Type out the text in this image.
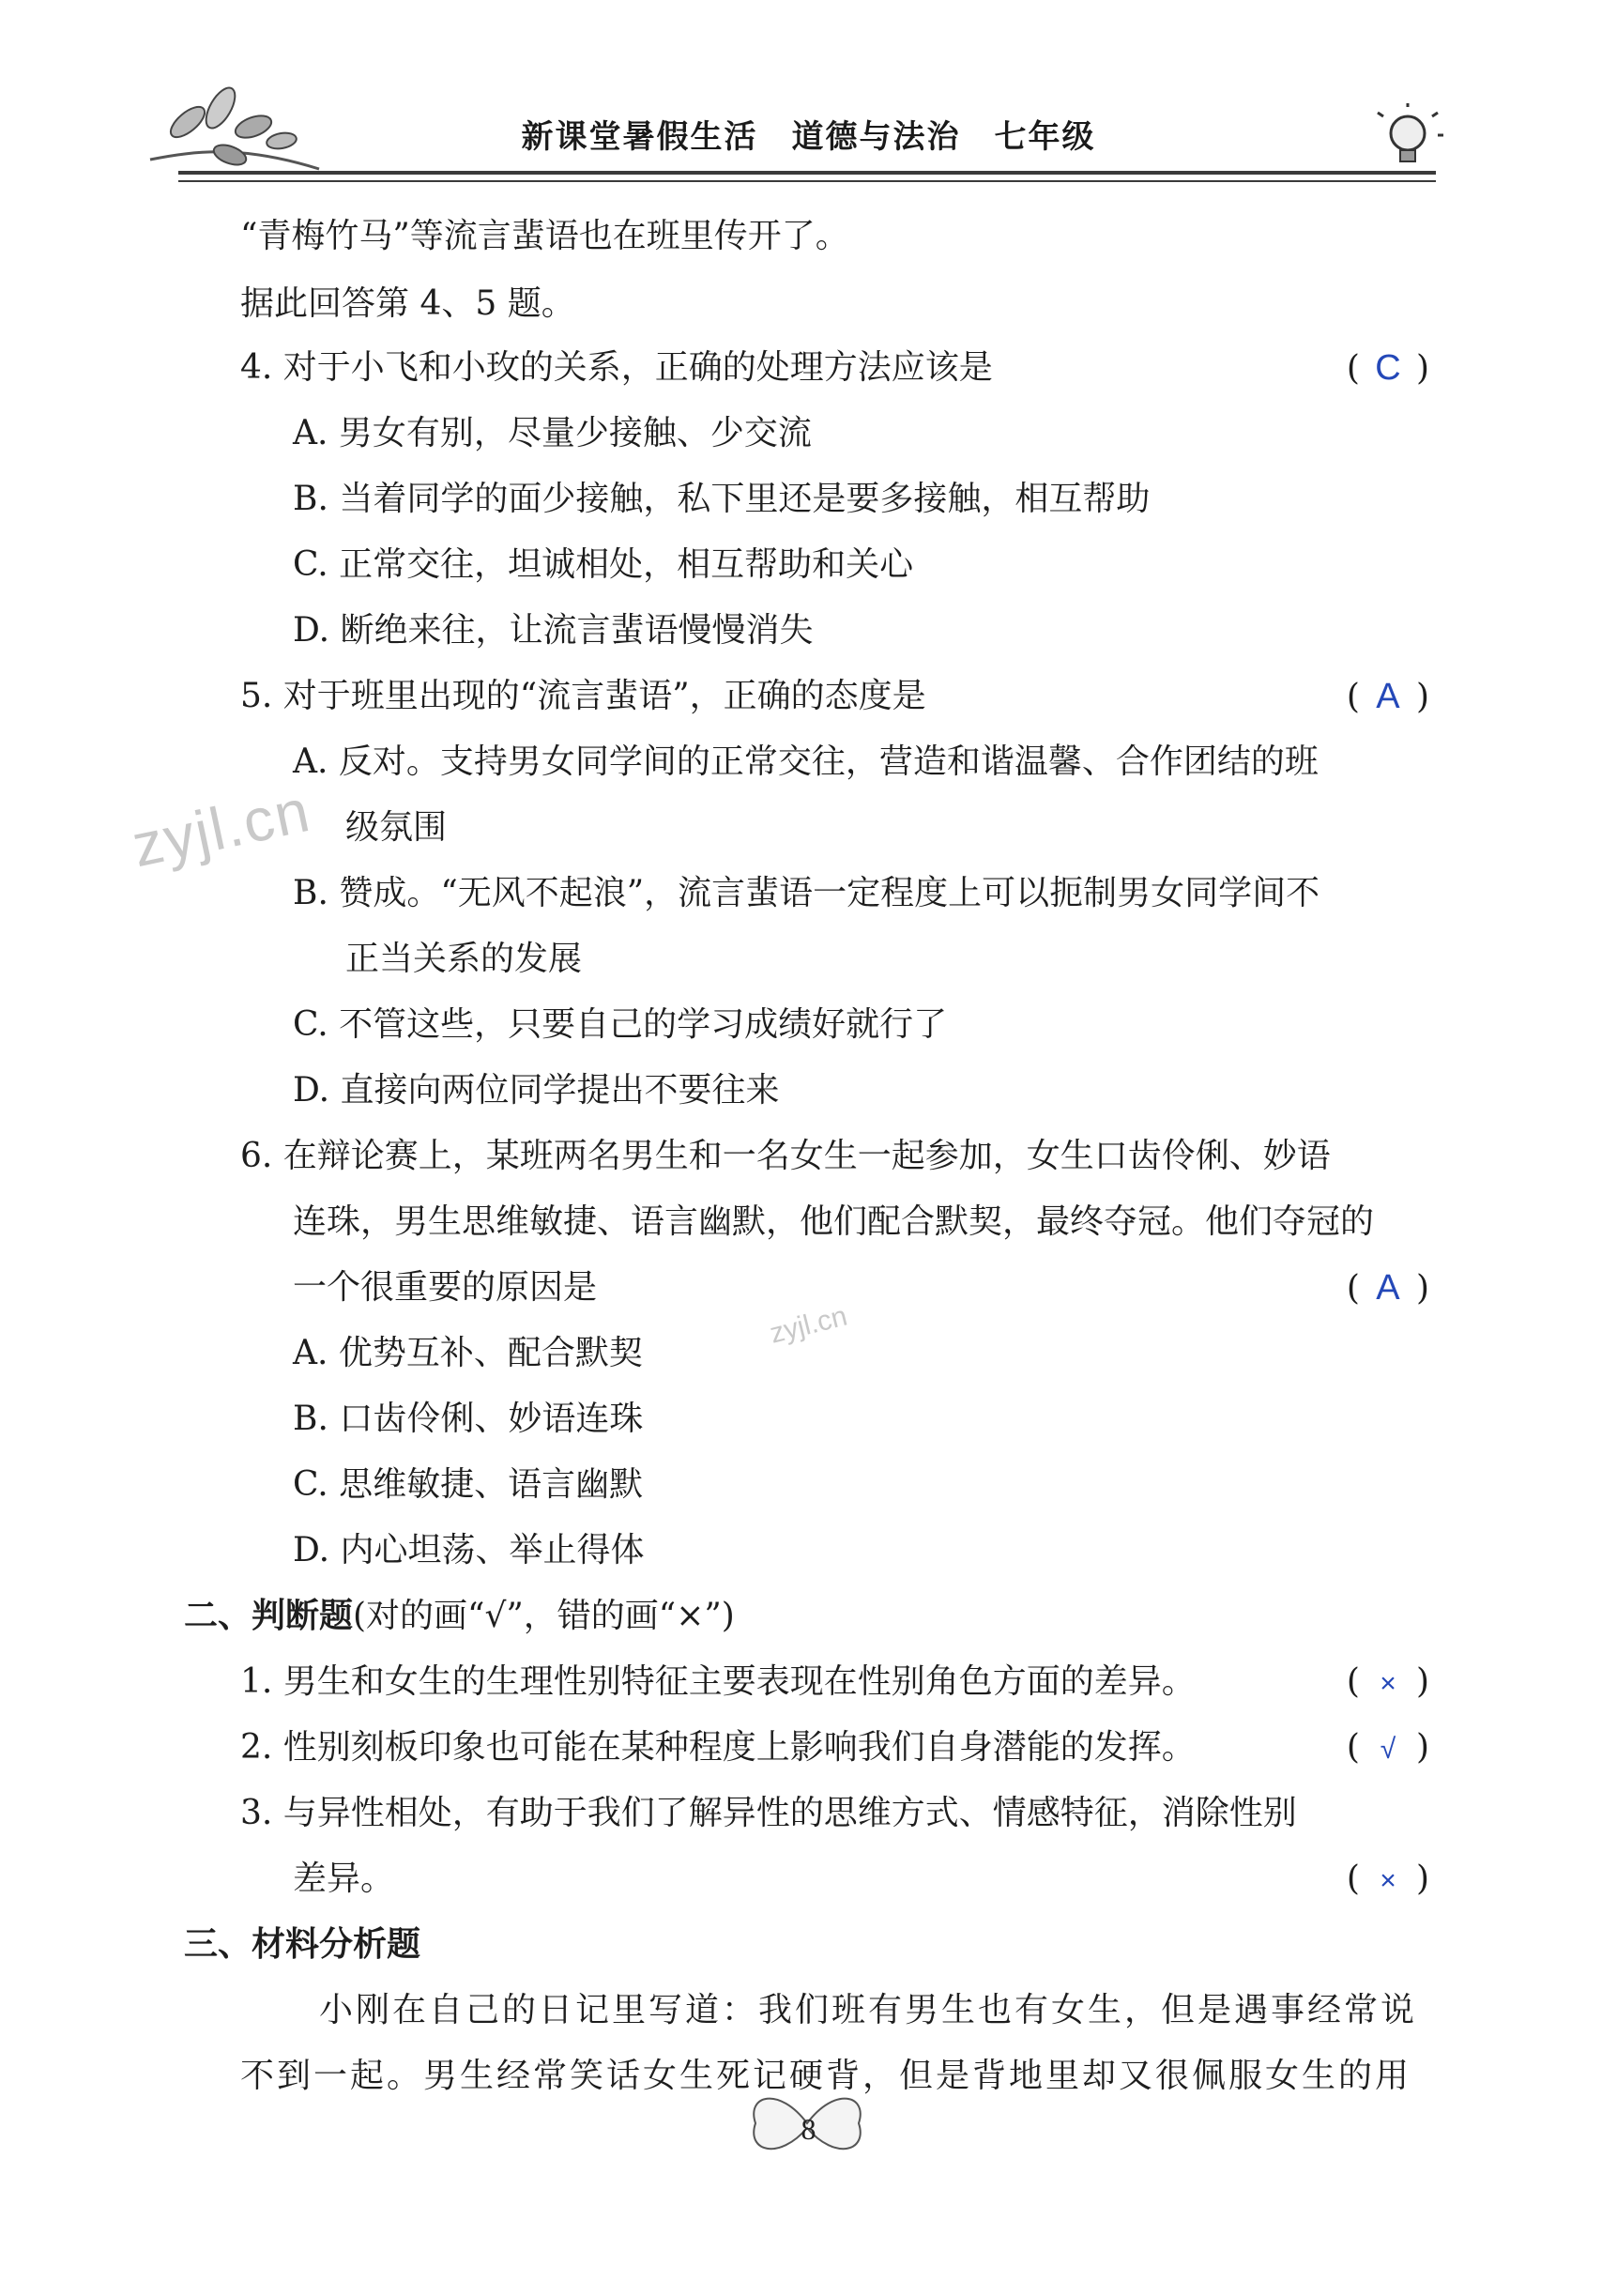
新课堂暑假生活　道德与法治　七年级
“青梅竹马”等流言蜚语也在班里传开了。
据此回答第 4、5 题。
4. 对于小飞和小玫的关系，正确的处理方法应该是	( C )
A. 男女有别，尽量少接触、少交流
B. 当着同学的面少接触，私下里还是要多接触，相互帮助
C. 正常交往，坦诚相处，相互帮助和关心
D. 断绝来往，让流言蜚语慢慢消失
5. 对于班里出现的“流言蜚语”，正确的态度是	( A )
A. 反对。支持男女同学间的正常交往，营造和谐温馨、合作团结的班
级氛围
B. 赞成。“无风不起浪”，流言蜚语一定程度上可以扼制男女同学间不
正当关系的发展
C. 不管这些，只要自己的学习成绩好就行了
D. 直接向两位同学提出不要往来
zyjl.cn
6. 在辩论赛上，某班两名男生和一名女生一起参加，女生口齿伶俐、妙语
连珠，男生思维敏捷、语言幽默，他们配合默契，最终夺冠。他们夺冠的
一个很重要的原因是	( A )
A. 优势互补、配合默契
B. 口齿伶俐、妙语连珠
C. 思维敏捷、语言幽默
D. 内心坦荡、举止得体
zyjl.cn
二、判断题(对的画“√”，错的画“×”)
1. 男生和女生的生理性别特征主要表现在性别角色方面的差异。	( × )
2. 性别刻板印象也可能在某种程度上影响我们自身潜能的发挥。	( √ )
3. 与异性相处，有助于我们了解异性的思维方式、情感特征，消除性别
差异。	( × )
三、材料分析题
小刚在自己的日记里写道：我们班有男生也有女生，但是遇事经常说
不到一起。男生经常笑话女生死记硬背，但是背地里却又很佩服女生的用
8
